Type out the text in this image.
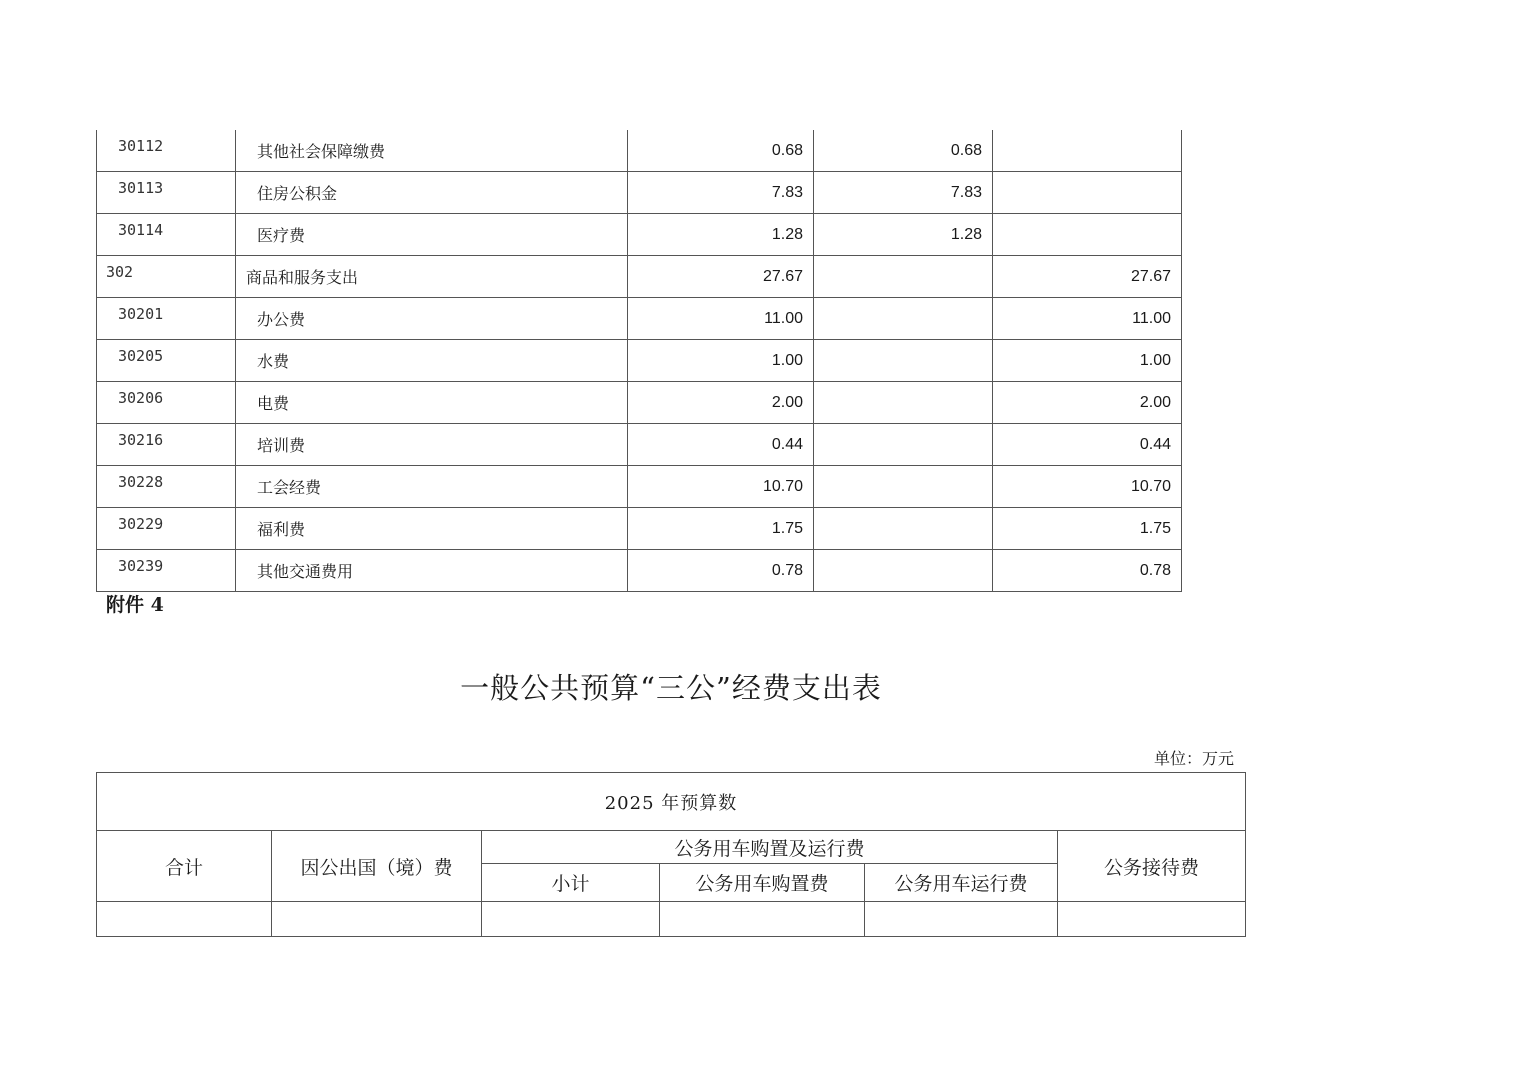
30112	其他社会保障缴费	0.68	0.68	
30113	住房公积金	7.83	7.83	
30114	医疗费	1.28	1.28	
302	商品和服务支出	27.67		27.67
30201	办公费	11.00		11.00
30205	水费	1.00		1.00
30206	电费	2.00		2.00
30216	培训费	0.44		0.44
30228	工会经费	10.70		10.70
30229	福利费	1.75		1.75
30239	其他交通费用	0.78		0.78
附件 4
一般公共预算“三公”经费支出表
单位：万元
2025 年预算数					
合计	因公出国（境）费	公务用车购置及运行费			公务接待费
		小计	公务用车购置费	公务用车运行费	
